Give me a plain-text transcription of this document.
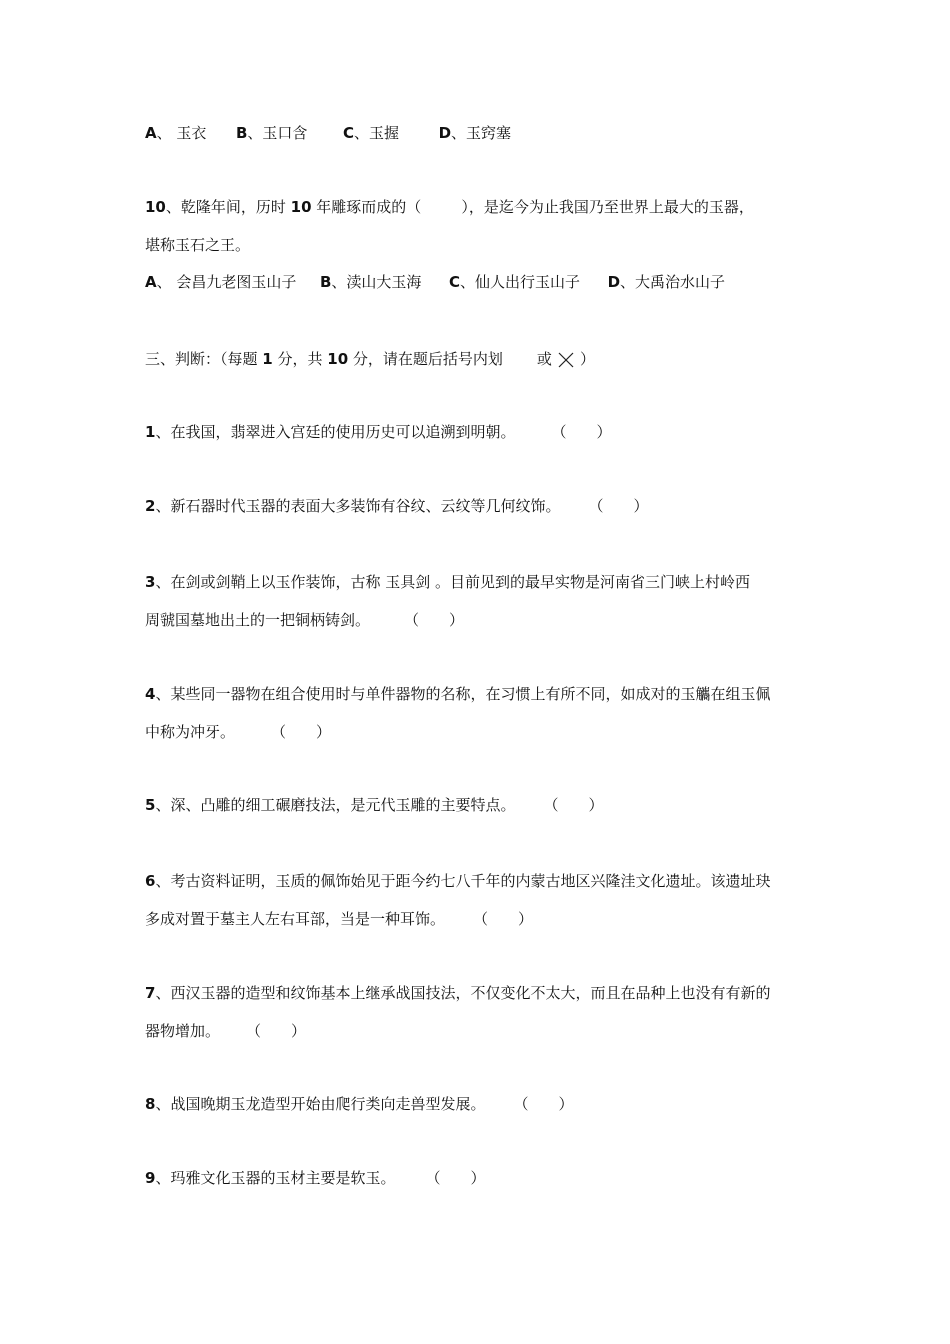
A、 玉衣 B、玉口含 C、玉握	D、玉窍塞
10、乾隆年间，历时 10 年雕琢而成的（	），是迄今为止我国乃至世界上最大的玉器，
堪称玉石之王。
A、 会昌九老图玉山子 B、渎山大玉海 C、仙人出行玉山子 D、大禹治水山子
三、判断：（每题 1 分，共 10 分，请在题后括号内划 或 ）
1、在我国，翡翠进入宫廷的使用历史可以追溯到明朝。 （　　）
2、新石器时代玉器的表面大多装饰有谷纹、云纹等几何纹饰。 （　　）
3、在剑或剑鞘上以玉作装饰，古称 玉具剑 。目前见到的最早实物是河南省三门峡上村岭西
周虢国墓地出土的一把铜柄铸剑。 （　　）
4、某些同一器物在组合使用时与单件器物的名称，在习惯上有所不同，如成对的玉觿在组玉佩
中称为冲牙。 （　　）
5、深、凸雕的细工碾磨技法，是元代玉雕的主要特点。 （　　）
6、考古资料证明，玉质的佩饰始见于距今约七八千年的内蒙古地区兴隆洼文化遗址。该遗址玦
多成对置于墓主人左右耳部，当是一种耳饰。 （　　）
7、西汉玉器的造型和纹饰基本上继承战国技法，不仅变化不太大，而且在品种上也没有有新的
器物增加。 （　　）
8、战国晚期玉龙造型开始由爬行类向走兽型发展。 （　　）
9、玛雅文化玉器的玉材主要是软玉。 （　　）
